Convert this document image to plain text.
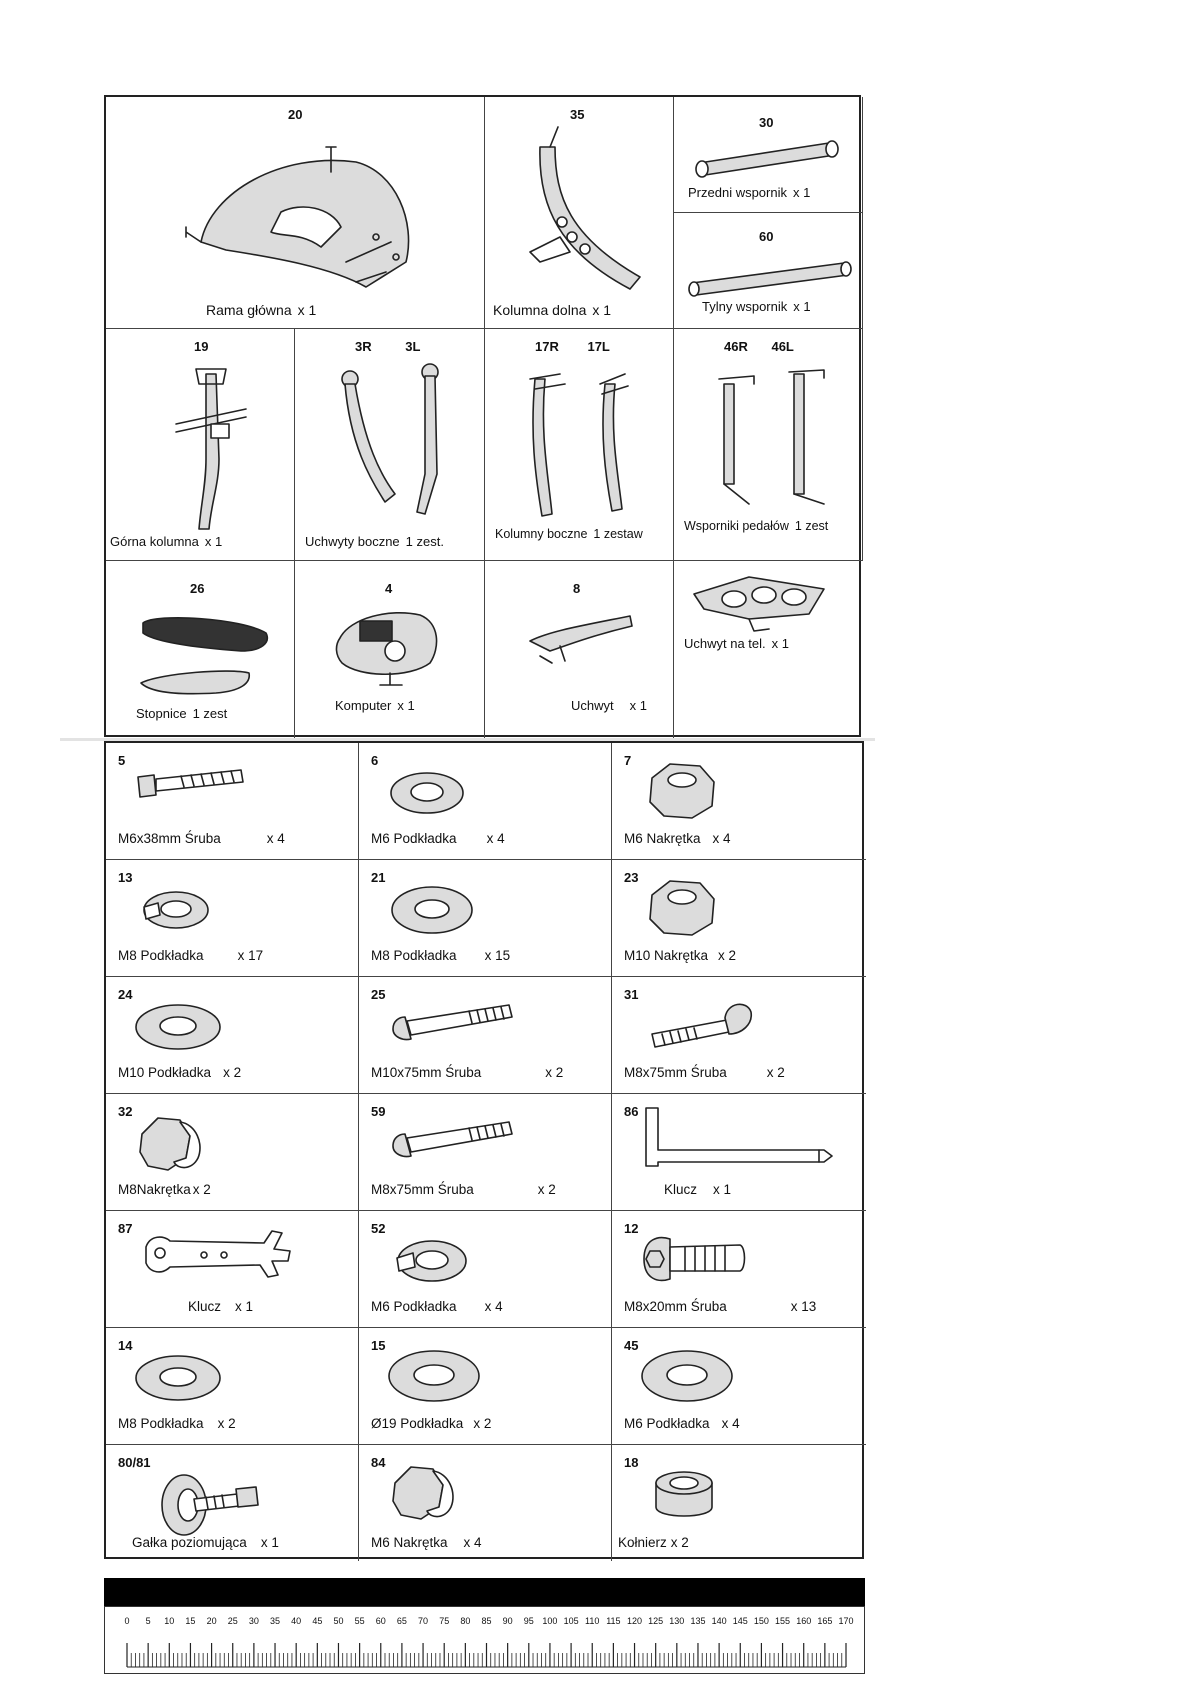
20
Rama główna x 1
35
Kolumna dolna x 1
30
Przedni wspornik x 1
60
Tylny wspornik x 1
19
Górna kolumna x 1
3R 3L
Uchwyty boczne 1 zest.
17R 17L
Kolumny boczne 1 zestaw
46R 46L
Wsporniki pedałów 1 zest
26
Stopnice 1 zest
4
Komputer x 1
8
Uchwyt x 1
Uchwyt na tel. x 1
5
M6x38mm Śruba	x 4
6
M6 Podkładka x 4
7
M6 Nakrętka x 4
13
M8 Podkładka	x 17
21
M8 Podkładka x 15
23
M10 Nakrętka x 2
24
M10 Podkładka x 2
25
M10x75mm Śruba	x 2
31
M8x75mm Śruba	x 2
32
M8Nakrętka x 2
59
M8x75mm Śruba	x 2
86
Klucz x 1
87
Klucz x 1
52
M6 Podkładka x 4
12
M8x20mm Śruba	x 13
14
M8 Podkładka x 2
15
Ø19 Podkładka x 2
45
M6 Podkładka x 4
80/81
Gałka poziomująca x 1
84
M6 Nakrętka x 4
18
Kołnierz x 2
0 5 10 15 20 25 30 35 40 45 50 55 60 65 70 75 80 85 90 95 100 105 110 115 120 125 130 135 140 145 150 155 160 165 170
